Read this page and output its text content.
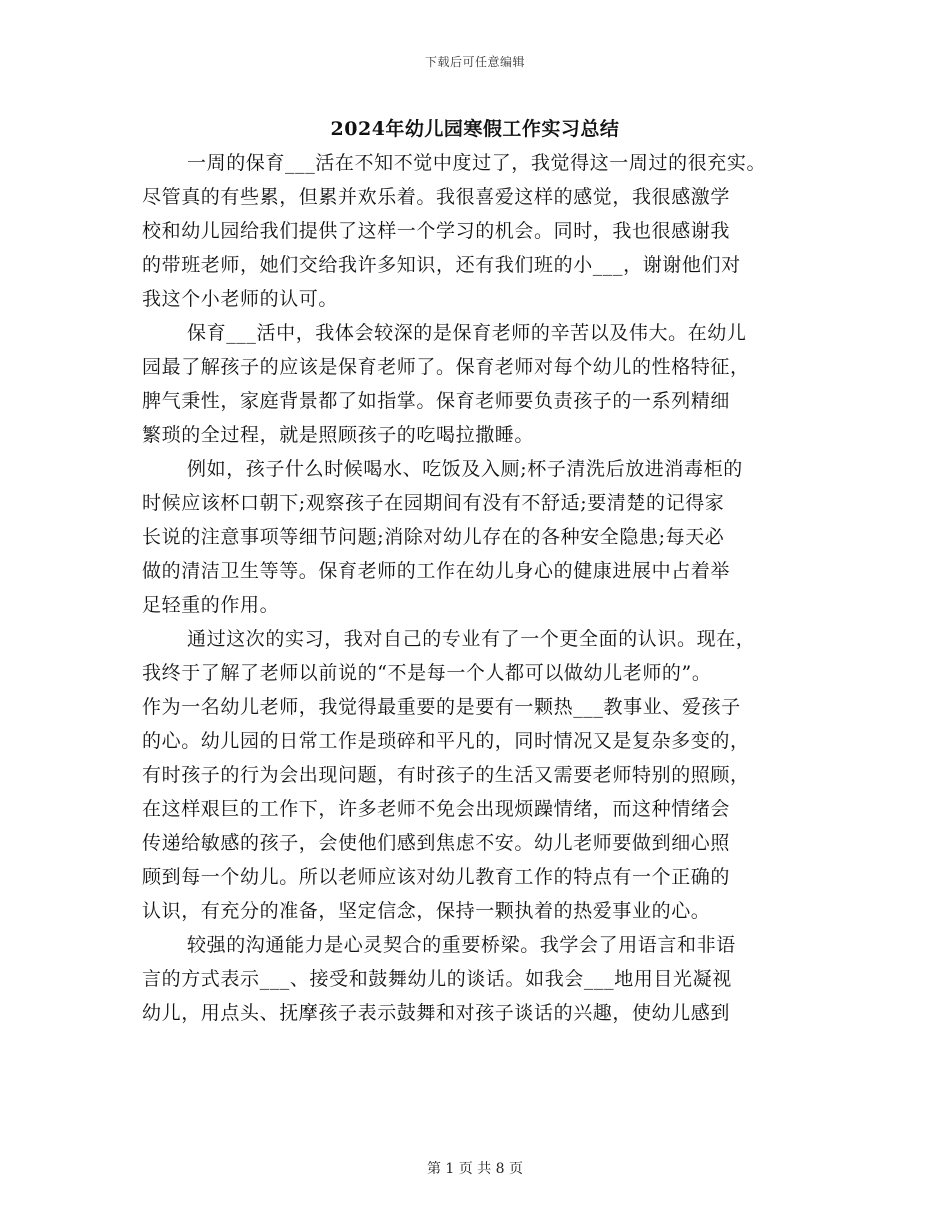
下载后可任意编辑
2024年幼儿园寒假工作实习总结
一周的保育___活在不知不觉中度过了，我觉得这一周过的很充实。
尽管真的有些累，但累并欢乐着。我很喜爱这样的感觉，我很感激学
校和幼儿园给我们提供了这样一个学习的机会。同时，我也很感谢我
的带班老师，她们交给我许多知识，还有我们班的小___，谢谢他们对
我这个小老师的认可。
保育___活中，我体会较深的是保育老师的辛苦以及伟大。在幼儿
园最了解孩子的应该是保育老师了。保育老师对每个幼儿的性格特征，
脾气秉性，家庭背景都了如指掌。保育老师要负责孩子的一系列精细
繁琐的全过程，就是照顾孩子的吃喝拉撒睡。
例如，孩子什么时候喝水、吃饭及入厕;杯子清洗后放进消毒柜的
时候应该杯口朝下;观察孩子在园期间有没有不舒适;要清楚的记得家
长说的注意事项等细节问题;消除对幼儿存在的各种安全隐患;每天必
做的清洁卫生等等。保育老师的工作在幼儿身心的健康进展中占着举
足轻重的作用。
通过这次的实习，我对自己的专业有了一个更全面的认识。现在，
我终于了解了老师以前说的“不是每一个人都可以做幼儿老师的”。
作为一名幼儿老师，我觉得最重要的是要有一颗热___教事业、爱孩子
的心。幼儿园的日常工作是琐碎和平凡的，同时情况又是复杂多变的，
有时孩子的行为会出现问题，有时孩子的生活又需要老师特别的照顾，
在这样艰巨的工作下，许多老师不免会出现烦躁情绪，而这种情绪会
传递给敏感的孩子，会使他们感到焦虑不安。幼儿老师要做到细心照
顾到每一个幼儿。所以老师应该对幼儿教育工作的特点有一个正确的
认识，有充分的准备，坚定信念，保持一颗执着的热爱事业的心。
较强的沟通能力是心灵契合的重要桥梁。我学会了用语言和非语
言的方式表示___、接受和鼓舞幼儿的谈话。如我会___地用目光凝视
幼儿，用点头、抚摩孩子表示鼓舞和对孩子谈话的兴趣，使幼儿感到
第 1 页 共 8 页
